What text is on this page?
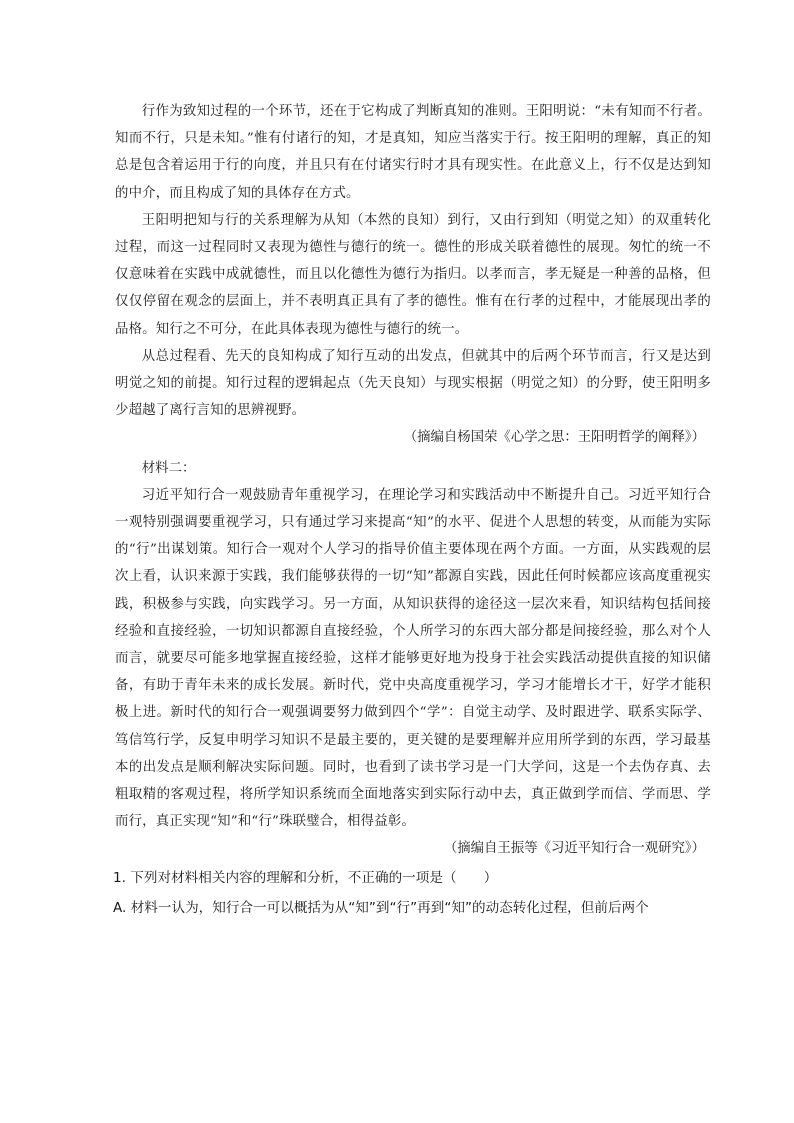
行作为致知过程的一个环节，还在于它构成了判断真知的准则。王阳明说：“未有知而不行者。知而不行，只是未知。”惟有付诸行的知，才是真知，知应当落实于行。按王阳明的理解，真正的知总是包含着运用于行的向度，并且只有在付诸实行时才具有现实性。在此意义上，行不仅是达到知的中介，而且构成了知的具体存在方式。

王阳明把知与行的关系理解为从知（本然的良知）到行，又由行到知（明觉之知）的双重转化过程，而这一过程同时又表现为德性与德行的统一。德性的形成关联着德性的展现。匆忙的统一不仅意味着在实践中成就德性，而且以化德性为德行为指归。以孝而言，孝无疑是一种善的品格，但仅仅停留在观念的层面上，并不表明真正具有了孝的德性。惟有在行孝的过程中，才能展现出孝的品格。知行之不可分，在此具体表现为德性与德行的统一。

从总过程看、先天的良知构成了知行互动的出发点，但就其中的后两个环节而言，行又是达到明觉之知的前提。知行过程的逻辑起点（先天良知）与现实根据（明觉之知）的分野，使王阳明多少超越了离行言知的思辨视野。

（摘编自杨国荣《心学之思：王阳明哲学的阐释》）

材料二：

习近平知行合一观鼓励青年重视学习，在理论学习和实践活动中不断提升自己。习近平知行合一观特别强调要重视学习，只有通过学习来提高“知”的水平、促进个人思想的转变，从而能为实际的“行”出谋划策。知行合一观对个人学习的指导价值主要体现在两个方面。一方面，从实践观的层次上看，认识来源于实践，我们能够获得的一切“知”都源自实践，因此任何时候都应该高度重视实践，积极参与实践，向实践学习。另一方面，从知识获得的途径这一层次来看，知识结构包括间接经验和直接经验，一切知识都源自直接经验，个人所学习的东西大部分都是间接经验，那么对个人而言，就要尽可能多地掌握直接经验，这样才能够更好地为投身于社会实践活动提供直接的知识储备，有助于青年未来的成长发展。新时代，党中央高度重视学习，学习才能增长才干，好学才能积极上进。新时代的知行合一观强调要努力做到四个“学”：自觉主动学、及时跟进学、联系实际学、笃信笃行学，反复申明学习知识不是最主要的，更关键的是要理解并应用所学到的东西，学习最基本的出发点是顺利解决实际问题。同时，也看到了读书学习是一门大学问，这是一个去伪存真、去粗取精的客观过程，将所学知识系统而全面地落实到实际行动中去，真正做到学而信、学而思、学而行，真正实现“知”和“行”珠联璧合，相得益彰。

（摘编自王振等《习近平知行合一观研究》）

1. 下列对材料相关内容的理解和分析，不正确的一项是（　　）

A. 材料一认为，知行合一可以概括为从“知”到“行”再到“知”的动态转化过程，但前后两个
